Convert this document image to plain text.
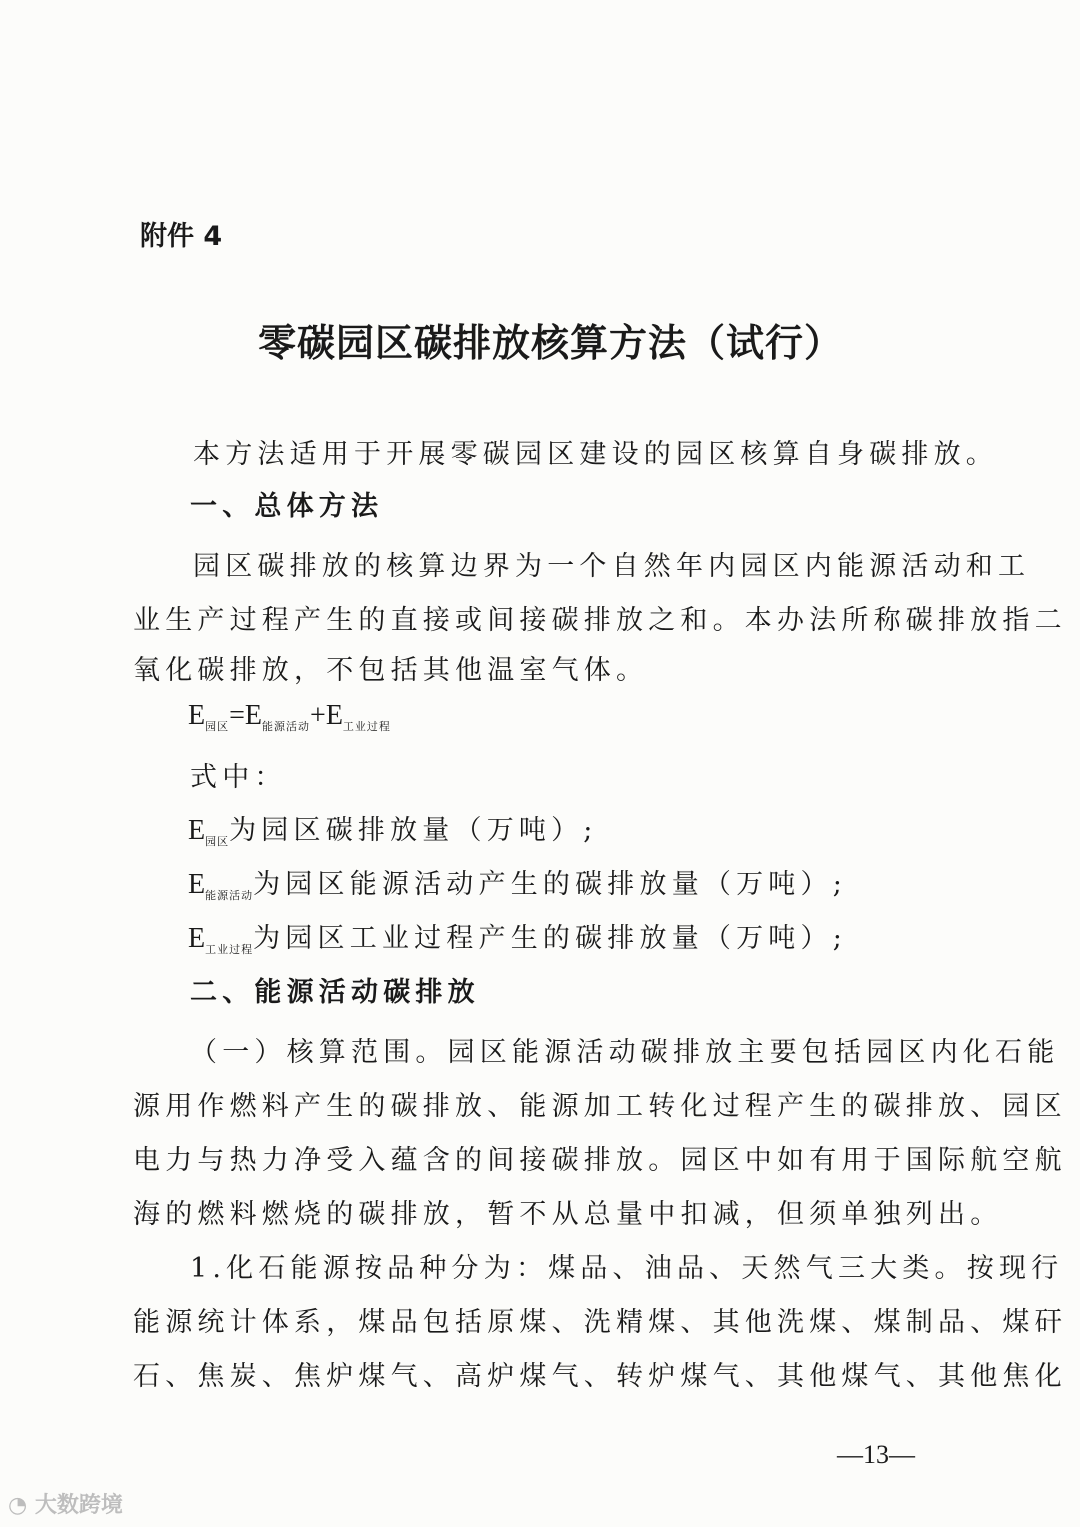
附件 4
零碳园区碳排放核算方法（试行）
本方法适用于开展零碳园区建设的园区核算自身碳排放。
一、总体方法
园区碳排放的核算边界为一个自然年内园区内能源活动和工
业生产过程产生的直接或间接碳排放之和。本办法所称碳排放指二
氧化碳排放，不包括其他温室气体。
$E_{园区}=E_{能源活动}+E_{工业过程}$
式中：
$E_{园区}$为园区碳排放量（万吨）;
$E_{能源活动}$为园区能源活动产生的碳排放量（万吨）;
$E_{工业过程}$为园区工业过程产生的碳排放量（万吨）;
二、能源活动碳排放
（一）核算范围。园区能源活动碳排放主要包括园区内化石能
源用作燃料产生的碳排放、能源加工转化过程产生的碳排放、园区
电力与热力净受入蕴含的间接碳排放。园区中如有用于国际航空航
海的燃料燃烧的碳排放，暂不从总量中扣减，但须单独列出。
1.化石能源按品种分为：煤品、油品、天然气三大类。按现行
能源统计体系，煤品包括原煤、洗精煤、其他洗煤、煤制品、煤矸
石、焦炭、焦炉煤气、高炉煤气、转炉煤气、其他煤气、其他焦化
—13—
◔ 大数跨境
